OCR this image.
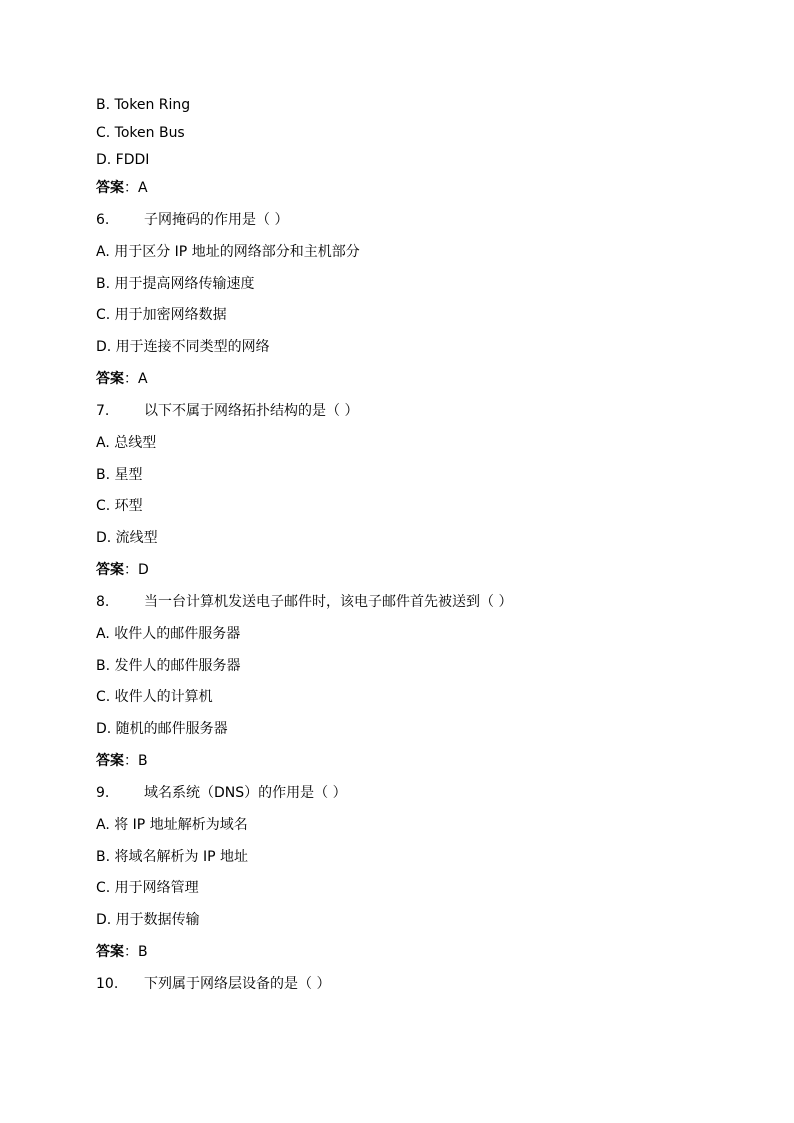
B. Token Ring
C. Token Bus
D. FDDI
答案：A
6. 子网掩码的作用是（ ）
A. 用于区分 IP 地址的网络部分和主机部分
B. 用于提高网络传输速度
C. 用于加密网络数据
D. 用于连接不同类型的网络
答案：A
7. 以下不属于网络拓扑结构的是（ ）
A. 总线型
B. 星型
C. 环型
D. 流线型
答案：D
8. 当一台计算机发送电子邮件时，该电子邮件首先被送到（ ）
A. 收件人的邮件服务器
B. 发件人的邮件服务器
C. 收件人的计算机
D. 随机的邮件服务器
答案：B
9. 域名系统（DNS）的作用是（ ）
A. 将 IP 地址解析为域名
B. 将域名解析为 IP 地址
C. 用于网络管理
D. 用于数据传输
答案：B
10. 下列属于网络层设备的是（ ）
